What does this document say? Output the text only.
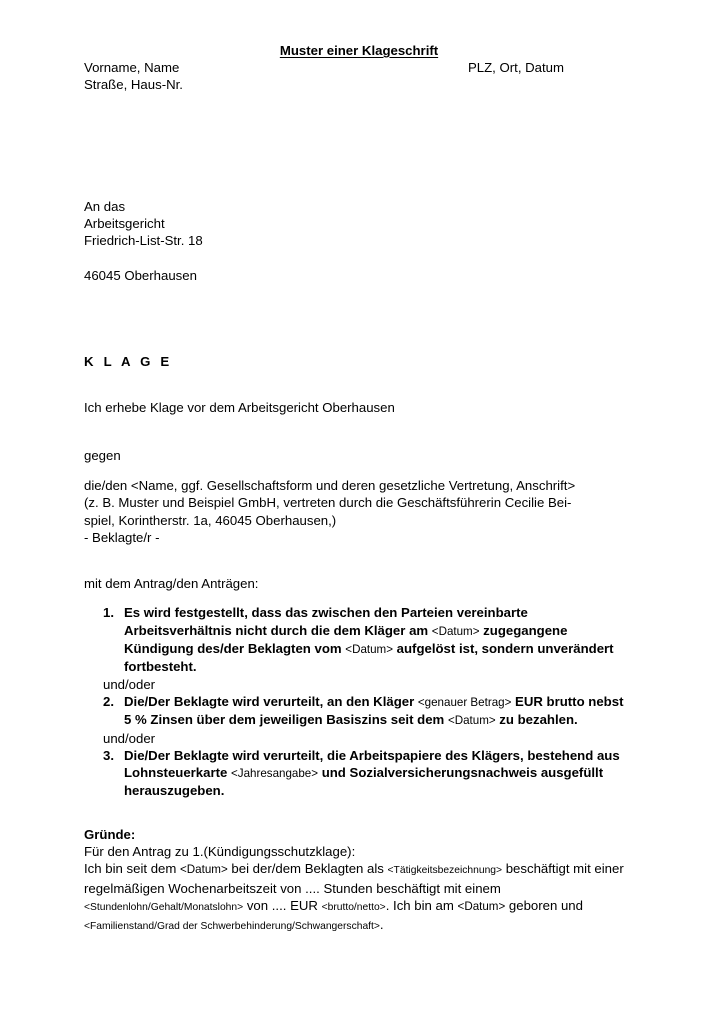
Muster einer Klageschrift
Vorname, Name	PLZ, Ort, Datum
Straße, Haus-Nr.
An das
Arbeitsgericht
Friedrich-List-Str. 18
46045 Oberhausen
K L A G E
Ich erhebe Klage vor dem Arbeitsgericht Oberhausen
gegen
die/den <Name, ggf. Gesellschaftsform und deren gesetzliche Vertretung, Anschrift>
(z. B. Muster und Beispiel GmbH, vertreten durch die Geschäftsführerin Cecilie Bei-
spiel, Korintherstr. 1a, 46045 Oberhausen,)
- Beklagte/r -
mit dem Antrag/den Anträgen:
1. Es wird festgestellt, dass das zwischen den Parteien vereinbarte Arbeitsverhältnis nicht durch die dem Kläger am <Datum> zugegangene Kündigung des/der Beklagten vom <Datum> aufgelöst ist, sondern unverändert fortbesteht.
und/oder
2. Die/Der Beklagte wird verurteilt, an den Kläger <genauer Betrag> EUR brutto nebst 5 % Zinsen über dem jeweiligen Basiszins seit dem <Datum> zu bezahlen.
und/oder
3. Die/Der Beklagte wird verurteilt, die Arbeitspapiere des Klägers, bestehend aus Lohnsteuerkarte <Jahresangabe> und Sozialversicherungsnachweis ausgefüllt herauszugeben.
Gründe:
Für den Antrag zu 1.(Kündigungsschutzklage):
Ich bin seit dem <Datum> bei der/dem Beklagten als <Tätigkeitsbezeichnung> beschäftigt mit einer regelmäßigen Wochenarbeitszeit von .... Stunden beschäftigt mit einem <Stundenlohn/Gehalt/Monatslohn> von .... EUR <brutto/netto>. Ich bin am <Datum> geboren und <Familienstand/Grad der Schwerbehinderung/Schwangerschaft>.
